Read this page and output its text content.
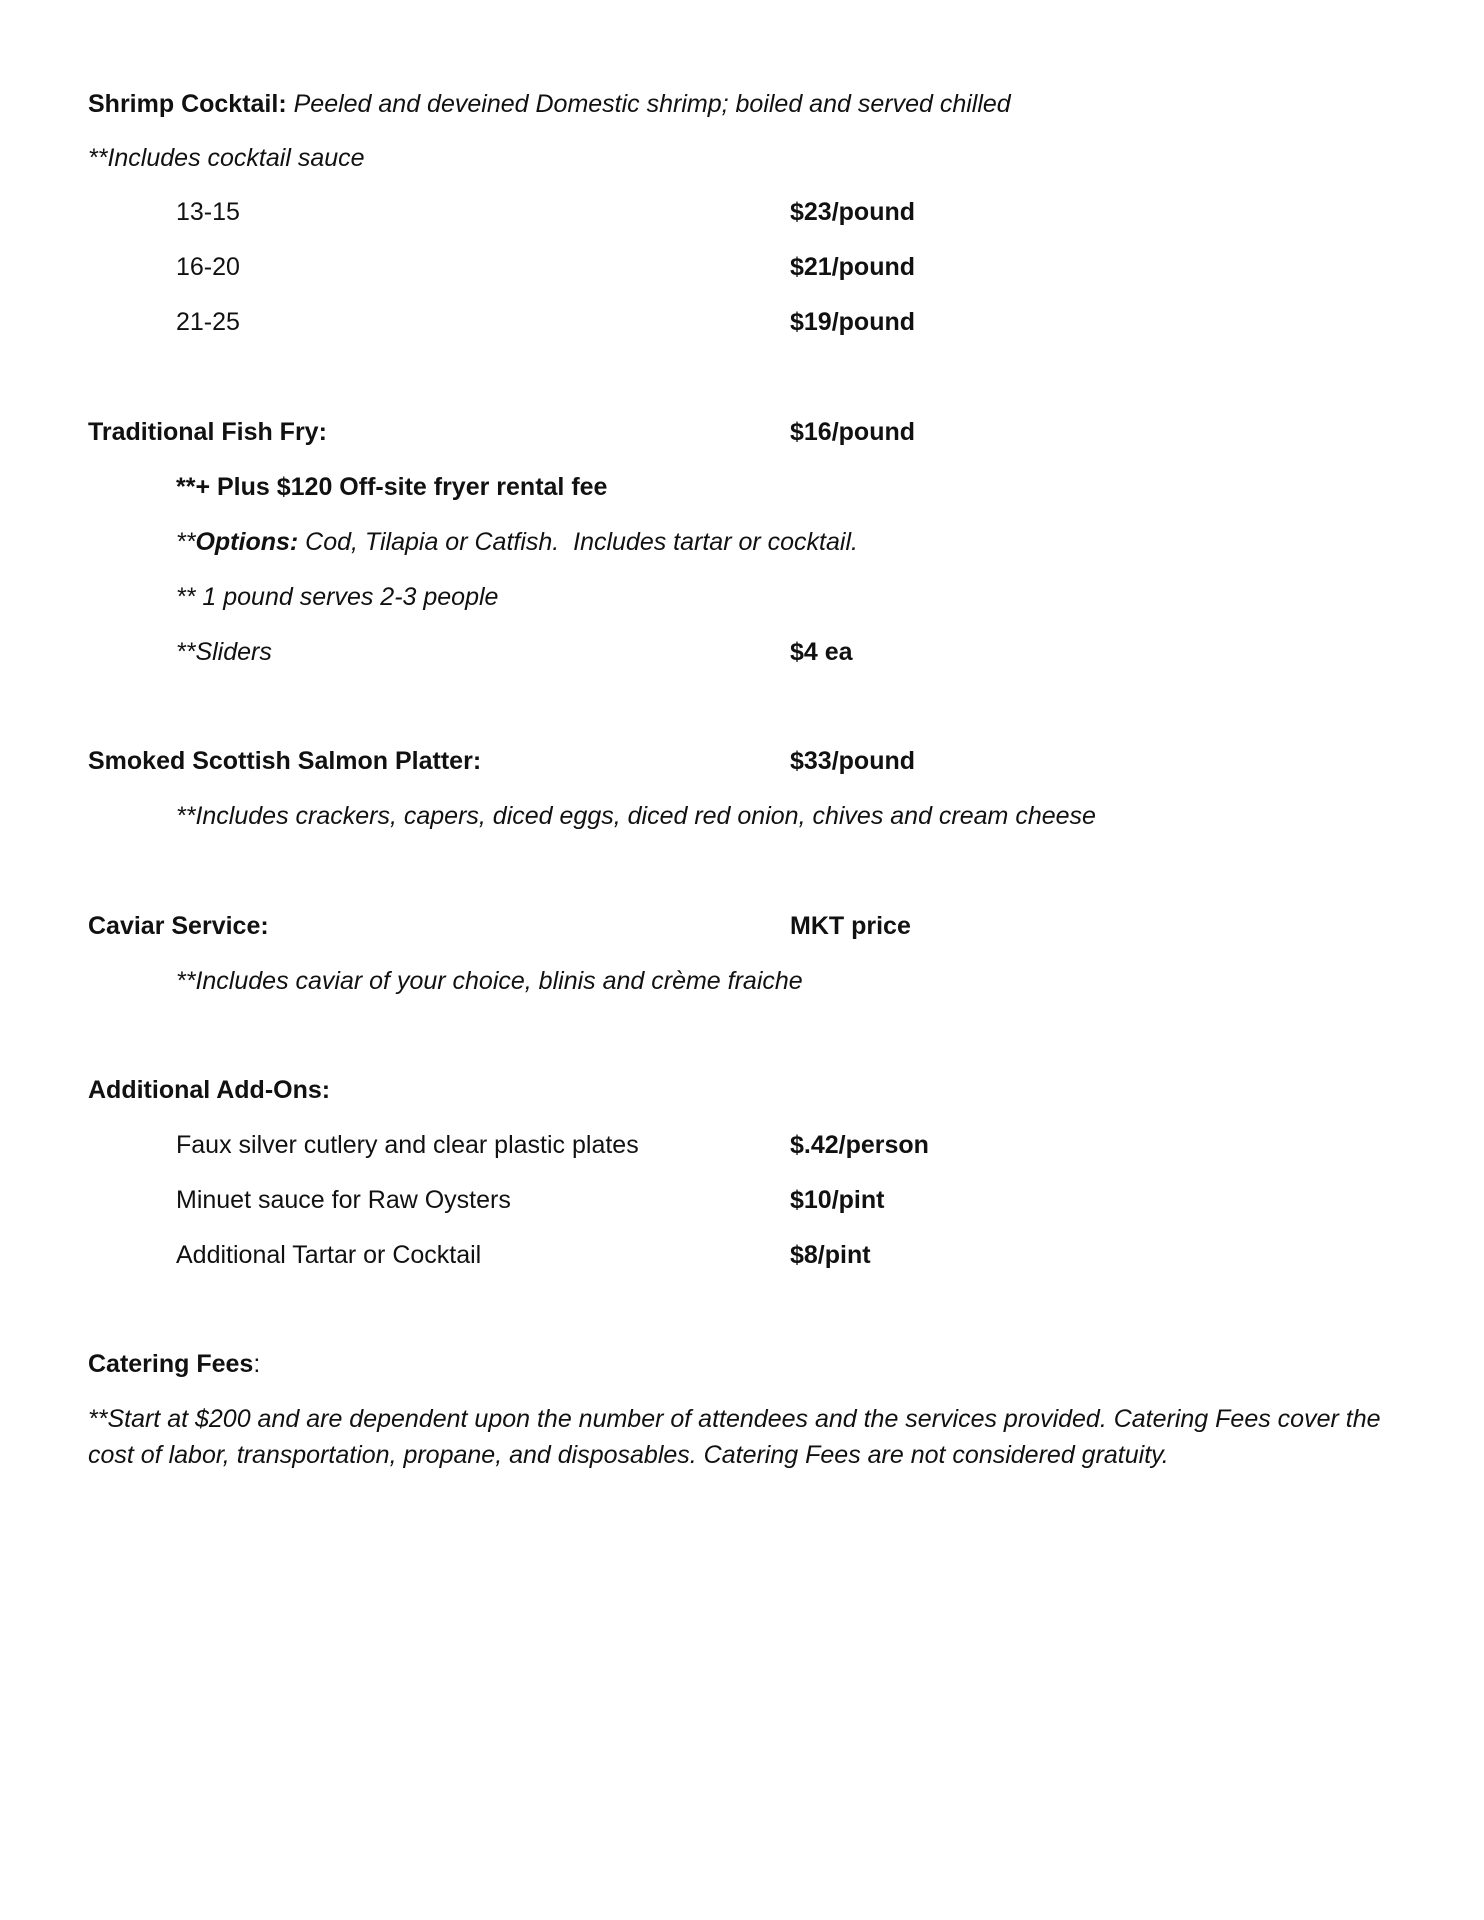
Shrimp Cocktail: Peeled and deveined Domestic shrimp; boiled and served chilled
**Includes cocktail sauce
13-15	$23/pound
16-20	$21/pound
21-25	$19/pound
Traditional Fish Fry:	$16/pound
**+ Plus $120 Off-site fryer rental fee
**Options: Cod, Tilapia or Catfish.  Includes tartar or cocktail.
** 1 pound serves 2-3 people
**Sliders	$4 ea
Smoked Scottish Salmon Platter:	$33/pound
**Includes crackers, capers, diced eggs, diced red onion, chives and cream cheese
Caviar Service:	MKT price
**Includes caviar of your choice, blinis and crème fraiche
Additional Add-Ons:
Faux silver cutlery and clear plastic plates	$.42/person
Minuet sauce for Raw Oysters	$10/pint
Additional Tartar or Cocktail	$8/pint
Catering Fees:
**Start at $200 and are dependent upon the number of attendees and the services provided. Catering Fees cover the cost of labor, transportation, propane, and disposables. Catering Fees are not considered gratuity.
